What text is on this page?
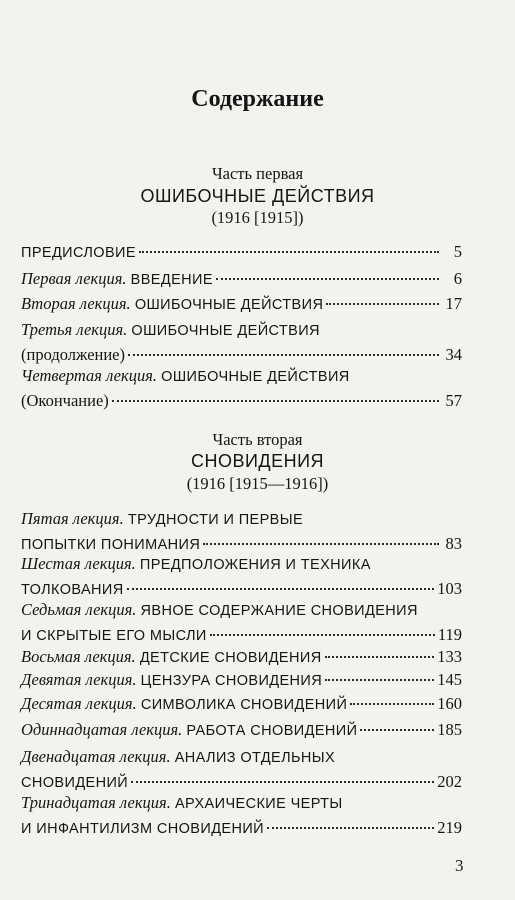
Содержание
Часть первая
ОШИБОЧНЫЕ ДЕЙСТВИЯ
(1916 [1915])
ПРЕДИСЛОВИЕ	5
Первая лекция.
ВВЕДЕНИЕ	6
Вторая лекция.
ОШИБОЧНЫЕ ДЕЙСТВИЯ	17
Третья лекция.
ОШИБОЧНЫЕ ДЕЙСТВИЯ
(продолжение)	34
Четвертая лекция.
ОШИБОЧНЫЕ ДЕЙСТВИЯ
(Окончание)	57
Часть вторая
СНОВИДЕНИЯ
(1916 [1915—1916])
Пятая лекция.
ТРУДНОСТИ И ПЕРВЫЕ
ПОПЫТКИ ПОНИМАНИЯ	83
Шестая лекция.
ПРЕДПОЛОЖЕНИЯ И ТЕХНИКА
ТОЛКОВАНИЯ	103
Седьмая лекция.
ЯВНОЕ СОДЕРЖАНИЕ СНОВИДЕНИЯ
И СКРЫТЫЕ ЕГО МЫСЛИ	119
Восьмая лекция.
ДЕТСКИЕ СНОВИДЕНИЯ	133
Девятая лекция.
ЦЕНЗУРА СНОВИДЕНИЯ	145
Десятая лекция.
СИМВОЛИКА СНОВИДЕНИЙ	160
Одиннадцатая лекция.
РАБОТА СНОВИДЕНИЙ	185
Двенадцатая лекция.
АНАЛИЗ ОТДЕЛЬНЫХ
СНОВИДЕНИЙ	202
Тринадцатая лекция.
АРХАИЧЕСКИЕ ЧЕРТЫ
И ИНФАНТИЛИЗМ СНОВИДЕНИЙ	219
3
